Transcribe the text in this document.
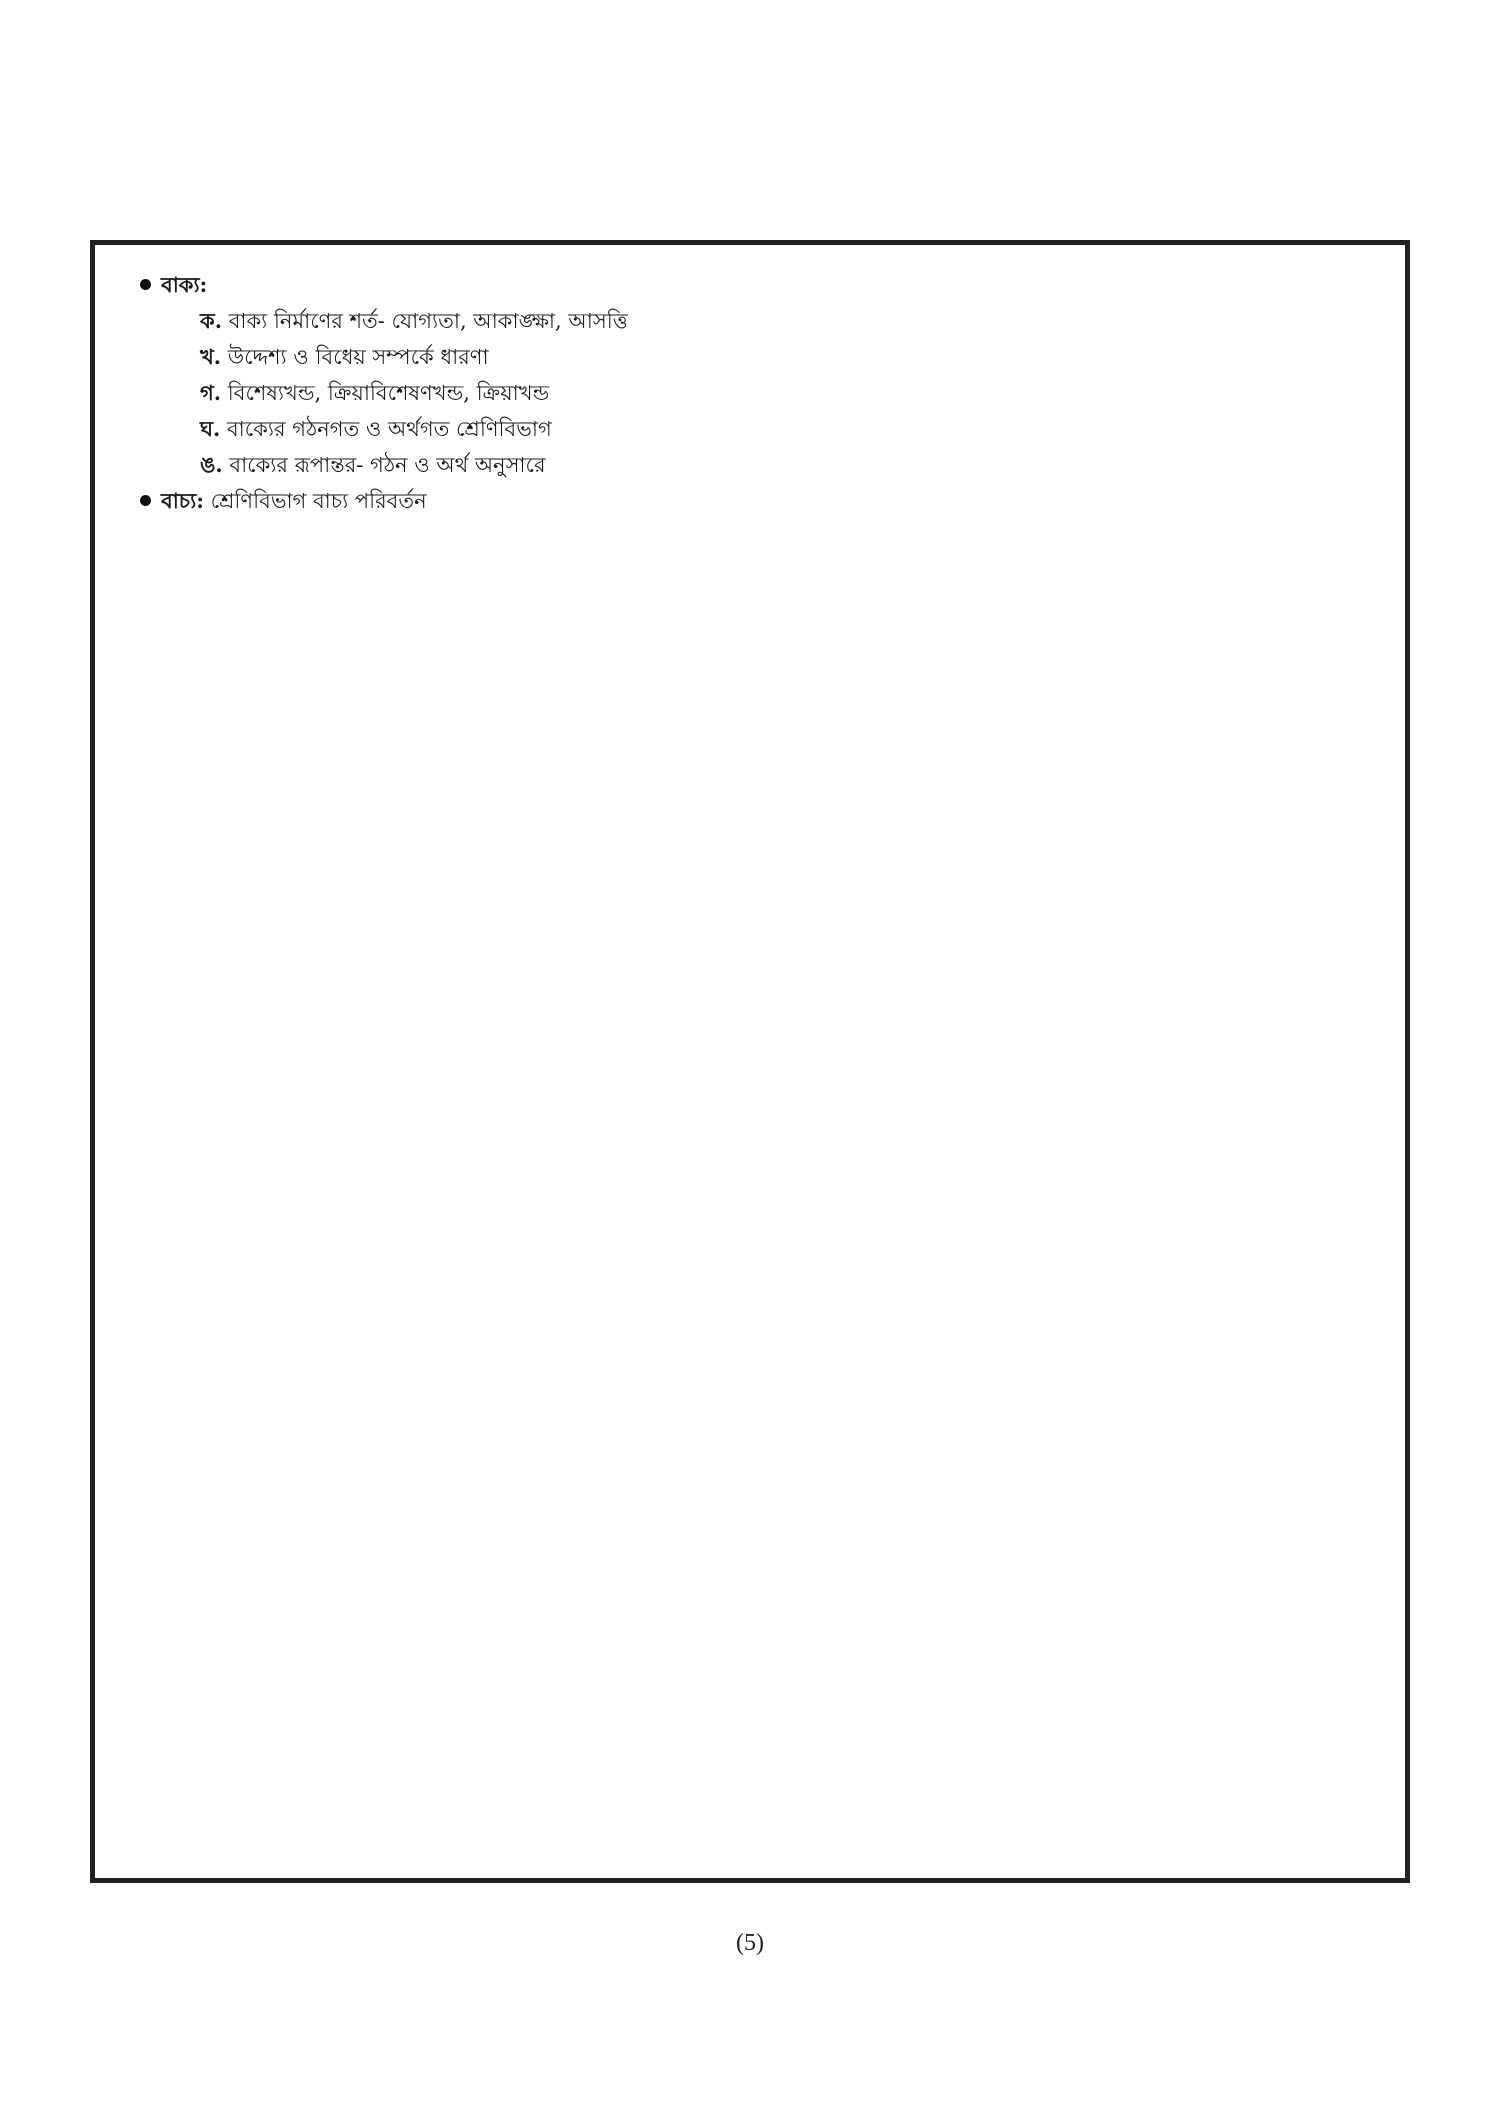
বাক্য:
ক. বাক্য নির্মাণের শর্ত- যোগ্যতা, আকাঙ্ক্ষা, আসত্তি
খ. উদ্দেশ্য ও বিধেয় সম্পর্কে ধারণা
গ. বিশেষ্যখন্ড, ক্রিয়াবিশেষণখন্ড, ক্রিয়াখন্ড
ঘ. বাক্যের গঠনগত ও অর্থগত শ্রেণিবিভাগ
ঙ. বাক্যের রূপান্তর- গঠন ও অর্থ অনুসারে
বাচ্য: শ্রেণিবিভাগ বাচ্য পরিবর্তন
(5)
